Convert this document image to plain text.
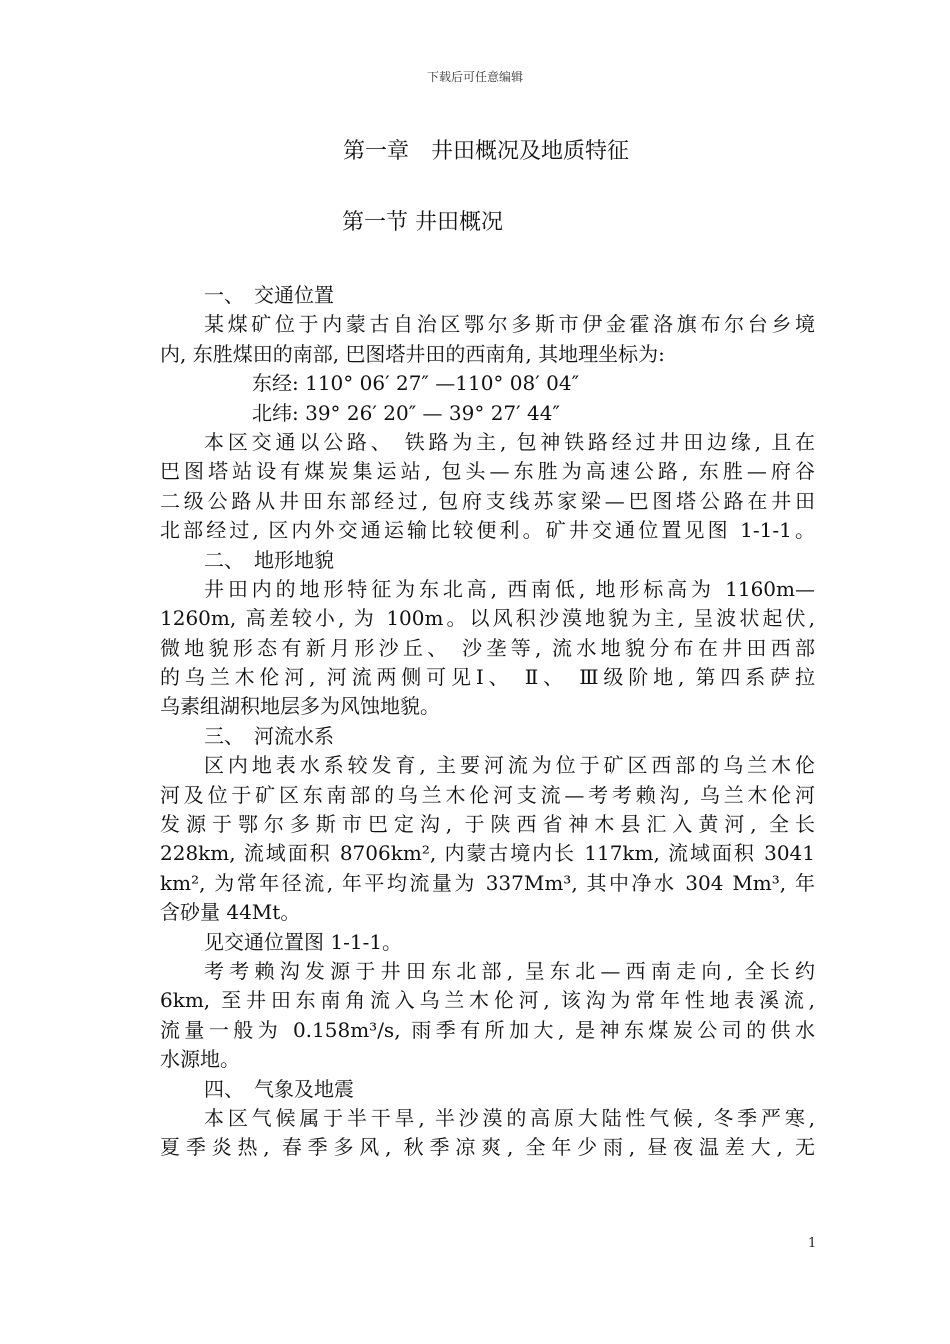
下载后可任意编辑
第一章　井田概况及地质特征
第一节 井田概况
一、　交通位置
某煤矿位于内蒙古自治区鄂尔多斯市伊金霍洛旗布尔台乡境
内, 东胜煤田的南部, 巴图塔井田的西南角, 其地理坐标为:
东经: 110° 06′ 27″ —110° 08′ 04″
北纬: 39° 26′ 20″ — 39° 27′ 44″
本区交通以公路、 铁路为主, 包神铁路经过井田边缘, 且在
巴图塔站设有煤炭集运站, 包头—东胜为高速公路, 东胜—府谷
二级公路从井田东部经过, 包府支线苏家梁—巴图塔公路在井田
北部经过, 区内外交通运输比较便利。矿井交通位置见图 1-1-1。
二、　地形地貌
井田内的地形特征为东北高, 西南低, 地形标高为 1160m—
1260m, 高差较小, 为 100m。以风积沙漠地貌为主, 呈波状起伏,
微地貌形态有新月形沙丘、 沙垄等, 流水地貌分布在井田西部
的乌兰木伦河, 河流两侧可见Ⅰ、 Ⅱ、 Ⅲ级阶地, 第四系萨拉
乌素组湖积地层多为风蚀地貌。
三、　河流水系
区内地表水系较发育, 主要河流为位于矿区西部的乌兰木伦
河及位于矿区东南部的乌兰木伦河支流—考考赖沟, 乌兰木伦河
发源于鄂尔多斯市巴定沟, 于陕西省神木县汇入黄河, 全长
228km, 流域面积 8706km², 内蒙古境内长 117km, 流域面积 3041
km², 为常年径流, 年平均流量为 337Mm³, 其中净水 304 Mm³, 年
含砂量 44Mt。
见交通位置图 1-1-1。
考考赖沟发源于井田东北部, 呈东北—西南走向, 全长约
6km, 至井田东南角流入乌兰木伦河, 该沟为常年性地表溪流,
流量一般为 0.158m³/s, 雨季有所加大, 是神东煤炭公司的供水
水源地。
四、　气象及地震
本区气候属于半干旱, 半沙漠的高原大陆性气候, 冬季严寒,
夏季炎热, 春季多风, 秋季凉爽, 全年少雨, 昼夜温差大, 无
1
